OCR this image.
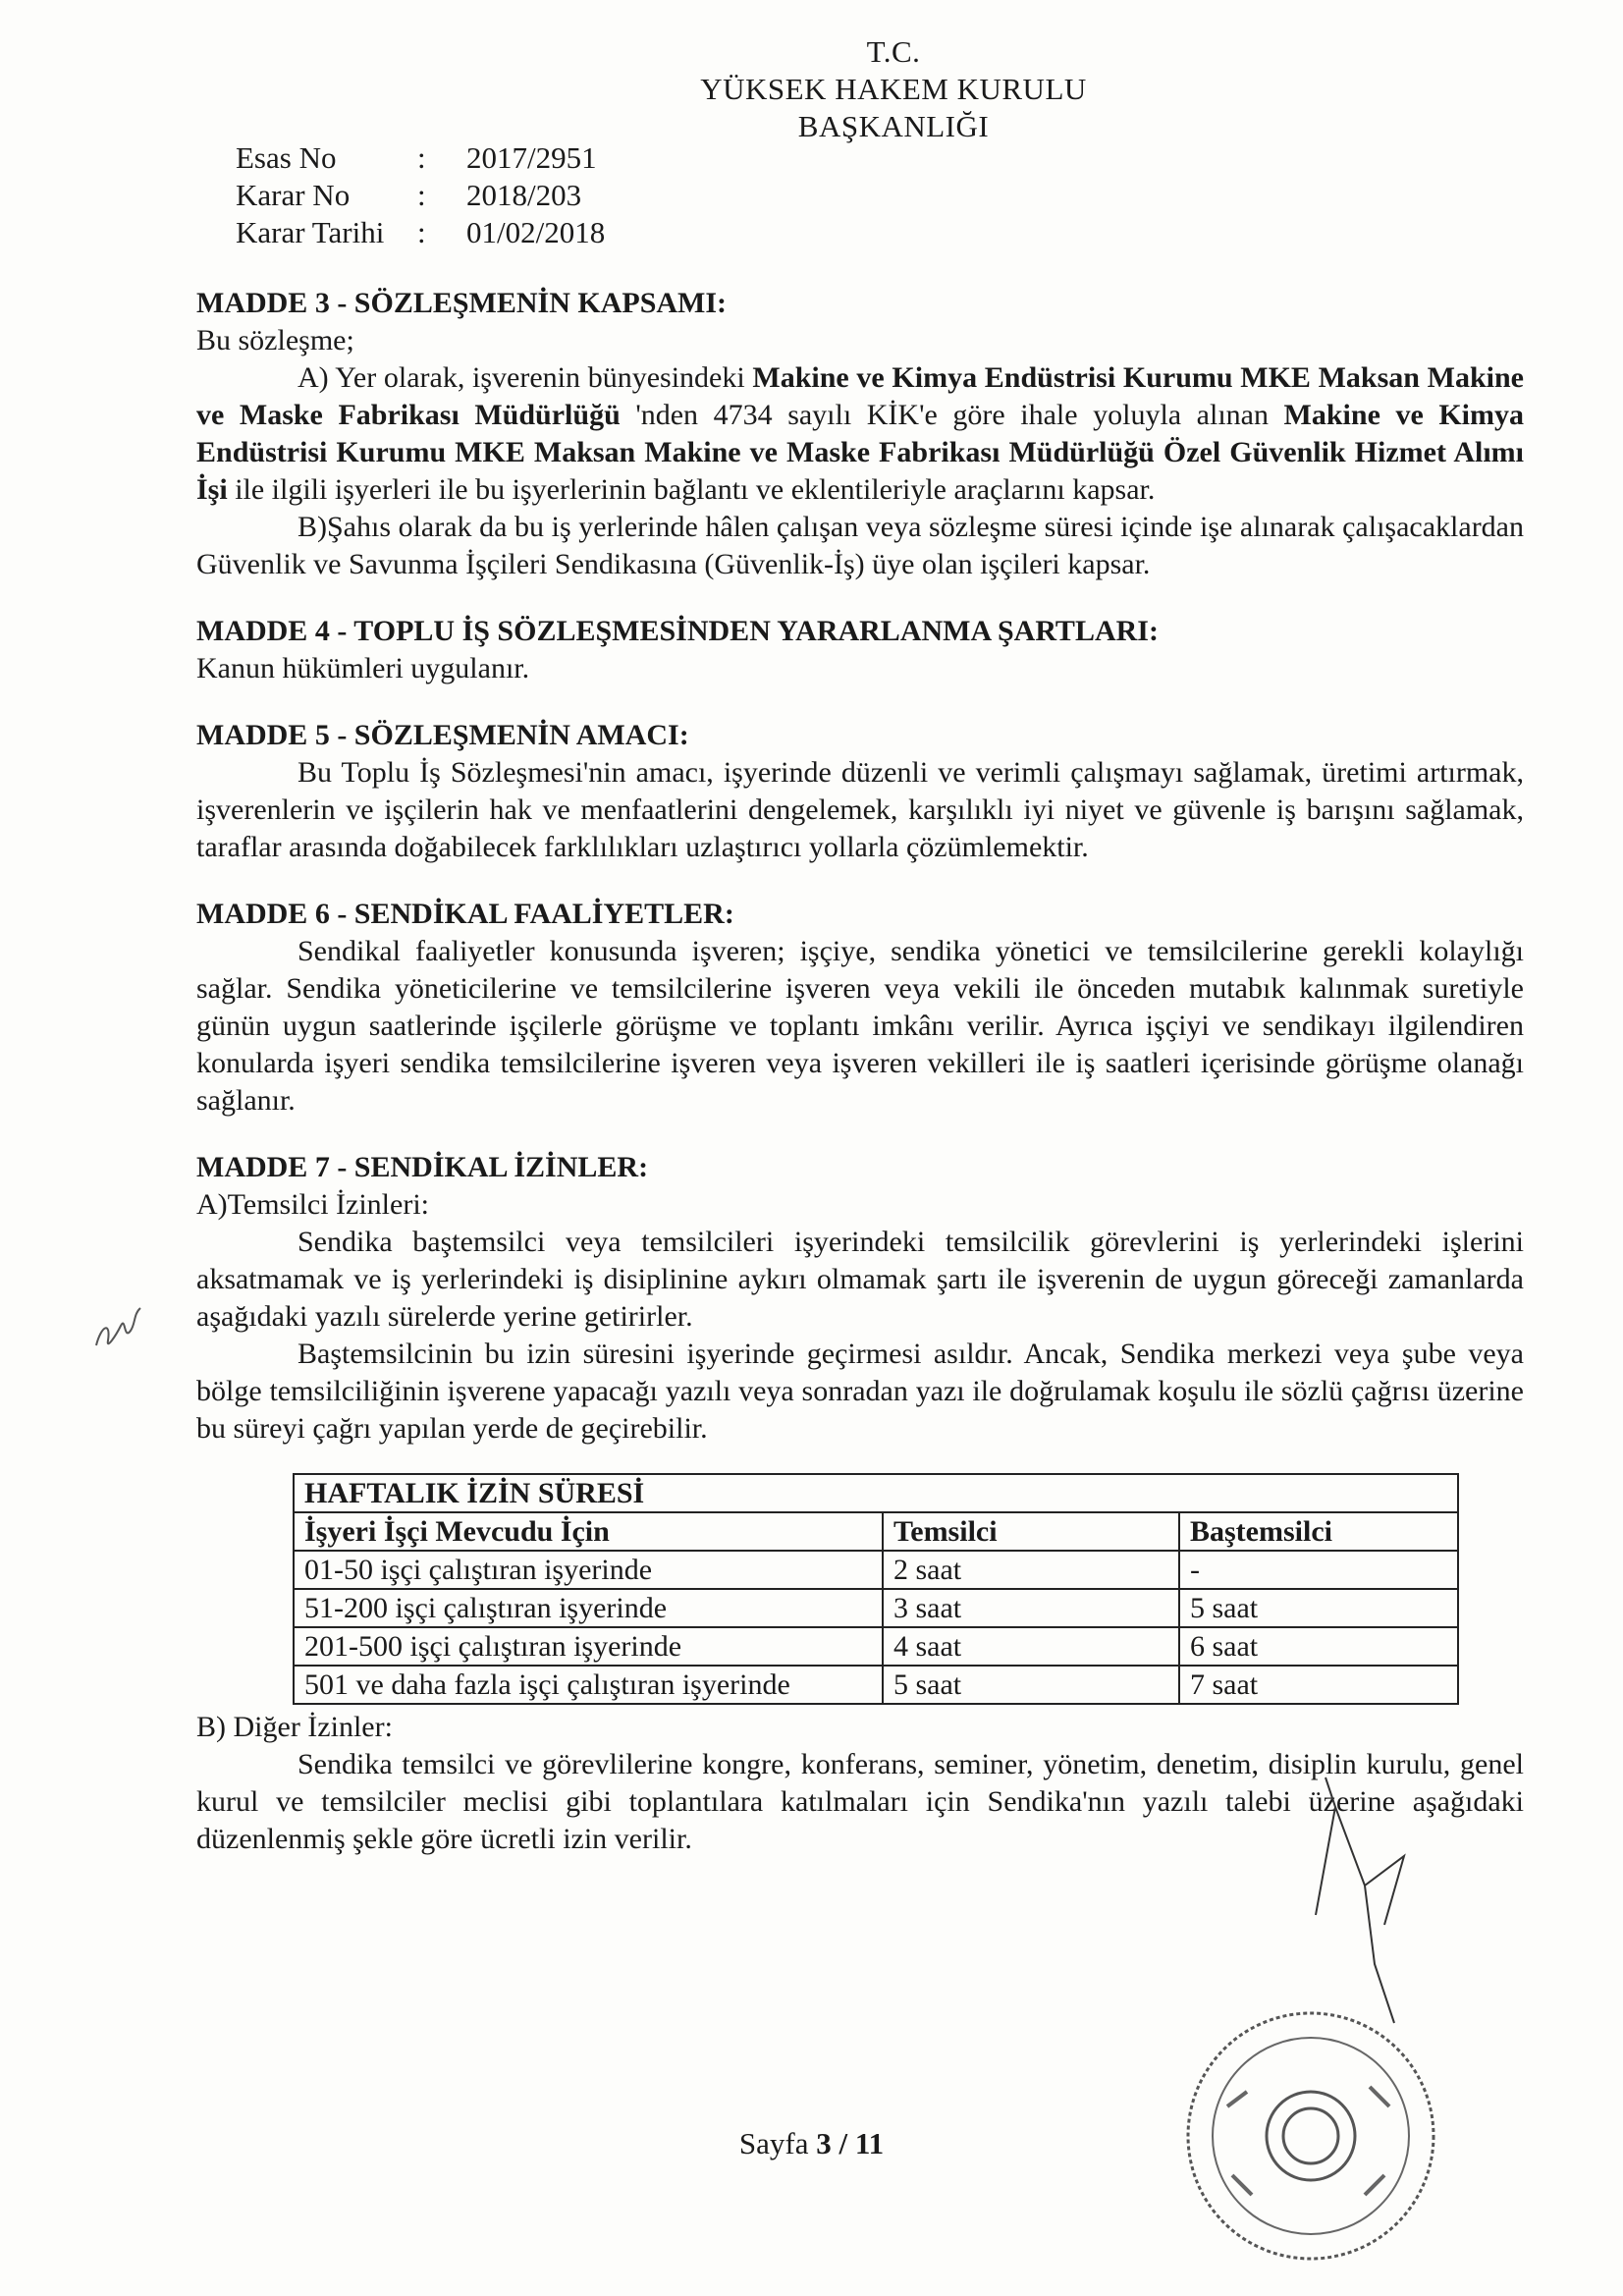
T.C.
YÜKSEK HAKEM KURULU
BAŞKANLIĞI
Esas No	:	2017/2951
Karar No	:	2018/203
Karar Tarihi	:	01/02/2018
MADDE 3 - SÖZLEŞMENİN KAPSAMI:
Bu sözleşme;
A) Yer olarak, işverenin bünyesindeki Makine ve Kimya Endüstrisi Kurumu MKE Maksan Makine ve Maske Fabrikası Müdürlüğü 'nden 4734 sayılı KİK'e göre ihale yoluyla alınan Makine ve Kimya Endüstrisi Kurumu MKE Maksan Makine ve Maske Fabrikası Müdürlüğü Özel Güvenlik Hizmet Alımı İşi ile ilgili işyerleri ile bu işyerlerinin bağlantı ve eklentileriyle araçlarını kapsar.
B)Şahıs olarak da bu iş yerlerinde hâlen çalışan veya sözleşme süresi içinde işe alınarak çalışacaklardan Güvenlik ve Savunma İşçileri Sendikasına (Güvenlik-İş) üye olan işçileri kapsar.
MADDE 4 - TOPLU İŞ SÖZLEŞMESİNDEN YARARLANMA ŞARTLARI:
Kanun hükümleri uygulanır.
MADDE 5 - SÖZLEŞMENİN AMACI:
Bu Toplu İş Sözleşmesi'nin amacı, işyerinde düzenli ve verimli çalışmayı sağlamak, üretimi artırmak, işverenlerin ve işçilerin hak ve menfaatlerini dengelemek, karşılıklı iyi niyet ve güvenle iş barışını sağlamak, taraflar arasında doğabilecek farklılıkları uzlaştırıcı yollarla çözümlemektir.
MADDE 6 - SENDİKAL FAALİYETLER:
Sendikal faaliyetler konusunda işveren; işçiye, sendika yönetici ve temsilcilerine gerekli kolaylığı sağlar. Sendika yöneticilerine ve temsilcilerine işveren veya vekili ile önceden mutabık kalınmak suretiyle günün uygun saatlerinde işçilerle görüşme ve toplantı imkânı verilir. Ayrıca işçiyi ve sendikayı ilgilendiren konularda işyeri sendika temsilcilerine işveren veya işveren vekilleri ile iş saatleri içerisinde görüşme olanağı sağlanır.
MADDE 7 - SENDİKAL İZİNLER:
A)Temsilci İzinleri:
Sendika baştemsilci veya temsilcileri işyerindeki temsilcilik görevlerini iş yerlerindeki işlerini aksatmamak ve iş yerlerindeki iş disiplinine aykırı olmamak şartı ile işverenin de uygun göreceği zamanlarda aşağıdaki yazılı sürelerde yerine getirirler.
Baştemsilcinin bu izin süresini işyerinde geçirmesi asıldır. Ancak, Sendika merkezi veya şube veya bölge temsilciliğinin işverene yapacağı yazılı veya sonradan yazı ile doğrulamak koşulu ile sözlü çağrısı üzerine bu süreyi çağrı yapılan yerde de geçirebilir.
HAFTALIK İZİN SÜRESİ		
İşyeri İşçi Mevcudu İçin	Temsilci	Baştemsilci
01-50 işçi çalıştıran işyerinde	2 saat	-
51-200 işçi çalıştıran işyerinde	3 saat	5 saat
201-500 işçi çalıştıran işyerinde	4 saat	6 saat
501 ve daha fazla işçi çalıştıran işyerinde	5 saat	7 saat
B) Diğer İzinler:
Sendika temsilci ve görevlilerine kongre, konferans, seminer, yönetim, denetim, disiplin kurulu, genel kurul ve temsilciler meclisi gibi toplantılara katılmaları için Sendika'nın yazılı talebi üzerine aşağıdaki düzenlenmiş şekle göre ücretli izin verilir.
Sayfa 3 / 11
